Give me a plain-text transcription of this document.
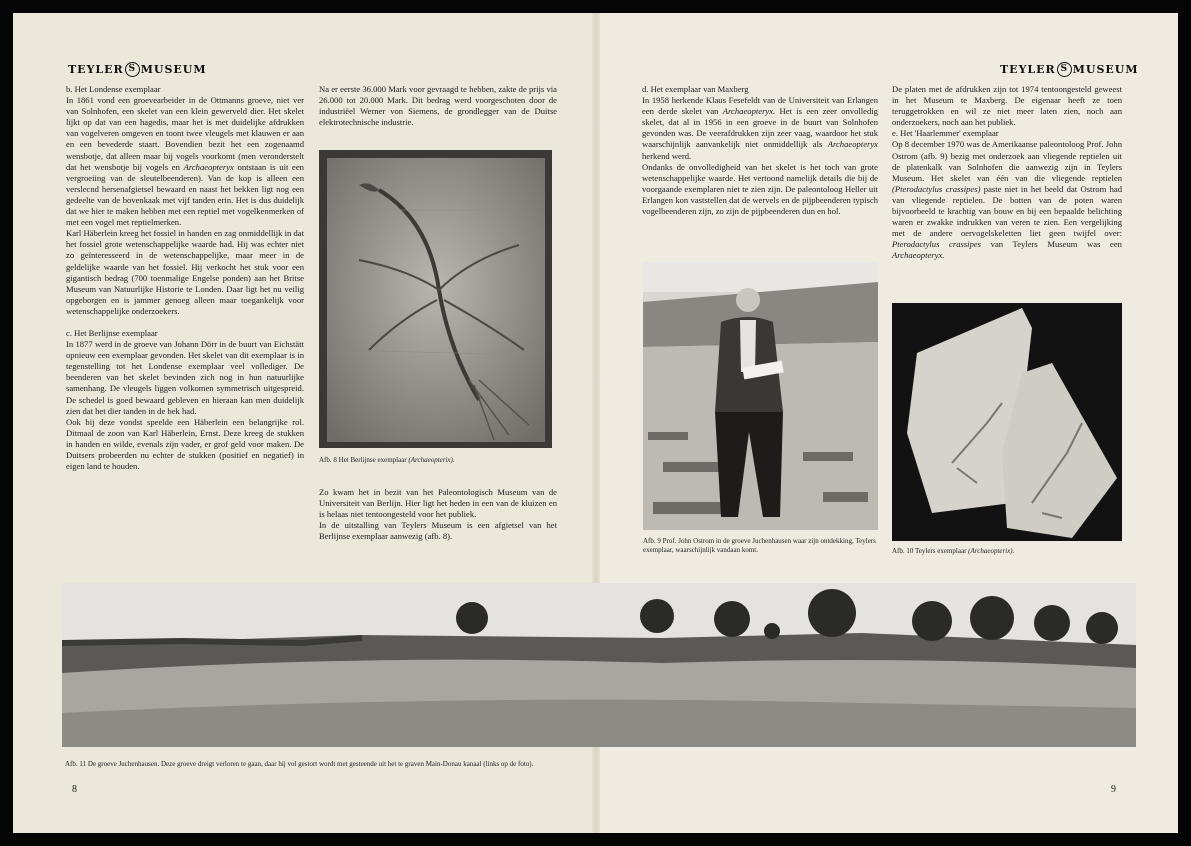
TEYLER S MUSEUM	TEYLER S MUSEUM

b. Het Londense exemplaar

In 1861 vond een groevearbeider in de Ottmanns groeve, niet ver van Solnhofen, een skelet van een klein gewerveld dier. Het skelet lijkt op dat van een hagedis, maar het is met duidelijke afdrukken van vogelveren omgeven en toont twee vleugels met klauwen er aan en een bevederde staart. Bovendien bezit het een zogenaamd wensbotje, dat alleen maar bij vogels voorkomt (men veronderstelt dat het wensbotje bij vogels en Archaeopteryx ontstaan is uit een vergroeiing van de sleutelbeenderen). Van de kop is alleen een verslecnd hersenafgietsel bewaard en naast het bekken ligt nog een gedeelte van de bovenkaak met vijf tanden erin. Het is dus duidelijk dat we hier te maken hebben met een reptiel met vogelkenmerken of met een vogel met reptielmerken.

Karl Häberlein kreeg het fossiel in handen en zag onmiddellijk in dat het fossiel grote wetenschappelijke waarde had. Hij was echter niet zo geïnteresseerd in de wetenschappelijke, maar meer in de geldelijke waarde van het fossiel. Hij verkocht het stuk voor een gigantisch bedrag (700 toenmalige Engelse ponden) aan het Britse Museum van Natuurlijke Historie te Londen. Daar ligt het nu veilig opgeborgen en is jammer genoeg alleen maar toegankelijk voor wetenschappelijke onderzoekers.

c. Het Berlijnse exemplaar

In 1877 werd in de groeve van Johann Dörr in de buurt van Eichstätt opnieuw een exemplaar gevonden. Het skelet van dit exemplaar is in tegenstelling tot het Londense exemplaar veel vollediger. De beenderen van het skelet bevinden zich nog in hun natuurlijke samenhang. De vleugels liggen volkomen symmetrisch uitgespreid. De schedel is goed bewaard gebleven en hieraan kan men duidelijk zien dat het dier tanden in de bek had.

Ook bij deze vondst speelde een Häberlein een belangrijke rol. Ditmaal de zoon van Karl Häberlein, Ernst. Deze kreeg de stukken in handen en wilde, evenals zijn vader, er grof geld voor maken. De Duitsers probeerden nu echter de stukken (positief en negatief) in eigen land te houden.

Na er eerste 36.000 Mark voor gevraagd te hebben, zakte de prijs via 26.000 tot 20.000 Mark. Dit bedrag werd voorgeschoten door de industriëel Werner von Siemens, de grondlegger van de Duitse elektrotechnische industrie.

Afb. 8 Het Berlijnse exemplaar (Archaeopterix).

Zo kwam het in bezit van het Paleontologisch Museum van de Universiteit van Berlijn. Hier ligt het heden in een van de kluizen en is helaas niet tentoongesteld voor het publiek.

In de uitstalling van Teylers Museum is een afgietsel van het Berlijnse exemplaar aanwezig (afb. 8).

d. Het exemplaar van Maxberg

In 1958 herkende Klaus Fesefeldt van de Universiteit van Erlangen een derde skelet van Archaeopteryx. Het is een zeer onvolledig skelet, dat al in 1956 in een groeve in de buurt van Solnhofen gevonden was. De veerafdrukken zijn zeer vaag, waardoor het stuk waarschijnlijk aanvankelijk niet onmiddellijk als Archaeopteryx herkend werd.

Ondanks de onvolledigheid van het skelet is het toch van grote wetenschappelijke waarde. Het vertoond namelijk details die bij de voorgaande exemplaren niet te zien zijn. De paleontoloog Heller uit Erlangen kon vaststellen dat de wervels en de pijpbeenderen typisch vogelbeenderen zijn, zo zijn de pijpbeenderen dun en hol.

Afb. 9 Prof. John Ostrom in de groeve Juchenhausen waar zijn ontdekking, Teylers exemplaar, waarschijnlijk vandaan komt.

De platen met de afdrukken zijn tot 1974 tentoongesteld geweest in het Museum te Maxberg. De eigenaar heeft ze toen teruggetrokken en wil ze niet meer laten zien, noch aan onderzoekers, noch aan het publiek.

e. Het 'Haarlemmer' exemplaar

Op 8 december 1970 was de Amerikaanse paleontoloog Prof. John Ostrom (afb. 9) bezig met onderzoek aan vliegende reptielen uit de platenkalk van Solnhofen die aanwezig zijn in Teylers Museum. Het skelet van één van die vliegende reptielen (Pterodactylus crassipes) paste niet in het beeld dat Ostrom had van vliegende reptielen. De botten van de poten waren bijvoorbeeld te krachtig van bouw en bij een bepaalde belichting waren er zwakke indrukken van veren te zien. Een vergelijking met de andere oervogelskeletten liet geen twijfel over: Pterodactylus crassipes van Teylers Museum was een Archaeopteryx.

Afb. 10 Teylers exemplaar (Archaeopterix).
Afb. 11 De groeve Juchenhausen. Deze groeve dreigt verloren te gaan, daar hij vol gestort wordt met gesteende uit het te graven Main-Donau kanaal (links op de foto).
8	9
